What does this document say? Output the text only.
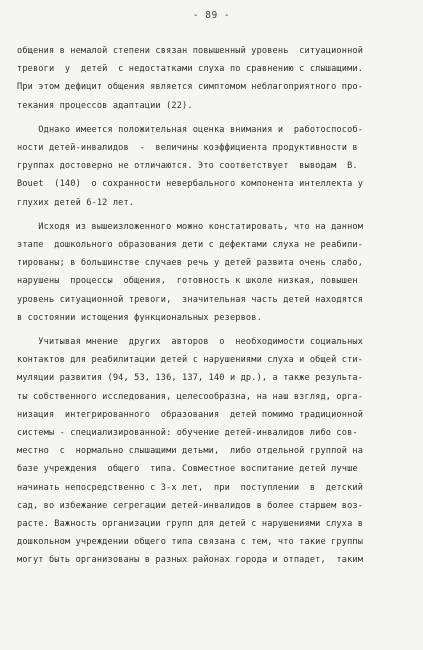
- 89 -
общения в немалой степени связан повышенный уровень  ситуационной
тревоги  у  детей  с недостатками слуха по сравнению с слышащими.
При этом дефицит общения является симптомом неблагоприятного про-
текания процессов адаптации (22).
Однако имеется положительная оценка внимания и  работоспособ-
ности детей-инвалидов  -  величины коэффициента продуктивности в
группах достоверно не отличаются. Это соответствует  выводам  В.
Bouet  (140)  о сохранности невербального компонента интеллекта у
глухих детей 6-12 лет.
Исходя из вышеизложенного можно констатировать, что на данном
этапе  дошкольного образования дети с дефектами слуха не реабили-
тированы; в большинстве случаев речь у детей развита очень слабо,
нарушены  процессы  общения,  готовность к школе низкая, повышен
уровень ситуационной тревоги,  значительная часть детей находятся
в состоянии истощения функциональных резервов.
Учитывая мнение  других  авторов  о  необходимости социальных
контактов для реабилитации детей с нарушениями слуха и общей сти-
муляции развития (94, 53, 136, 137, 140 и др.), а также результа-
ты собственного исследования, целесообразна, на наш взгляд, орга-
низация  интегрированного  образования  детей помимо традиционной
системы - специализированной: обучение детей-инвалидов либо сов-
местно  с  нормально слышащими детьми,  либо отдельной группой на
базе учреждения  общего  типа. Совместное воспитание детей лучше
начинать непосредственно с 3-х лет,  при  поступлении  в  детский
сад, во избежание сегрегации детей-инвалидов в более старшем воз-
расте. Важность организации групп для детей с нарушениями слуха в
дошкольном учреждении общего типа связана с тем, что такие группы
могут быть организованы в разных районах города и отпадет,  таким
